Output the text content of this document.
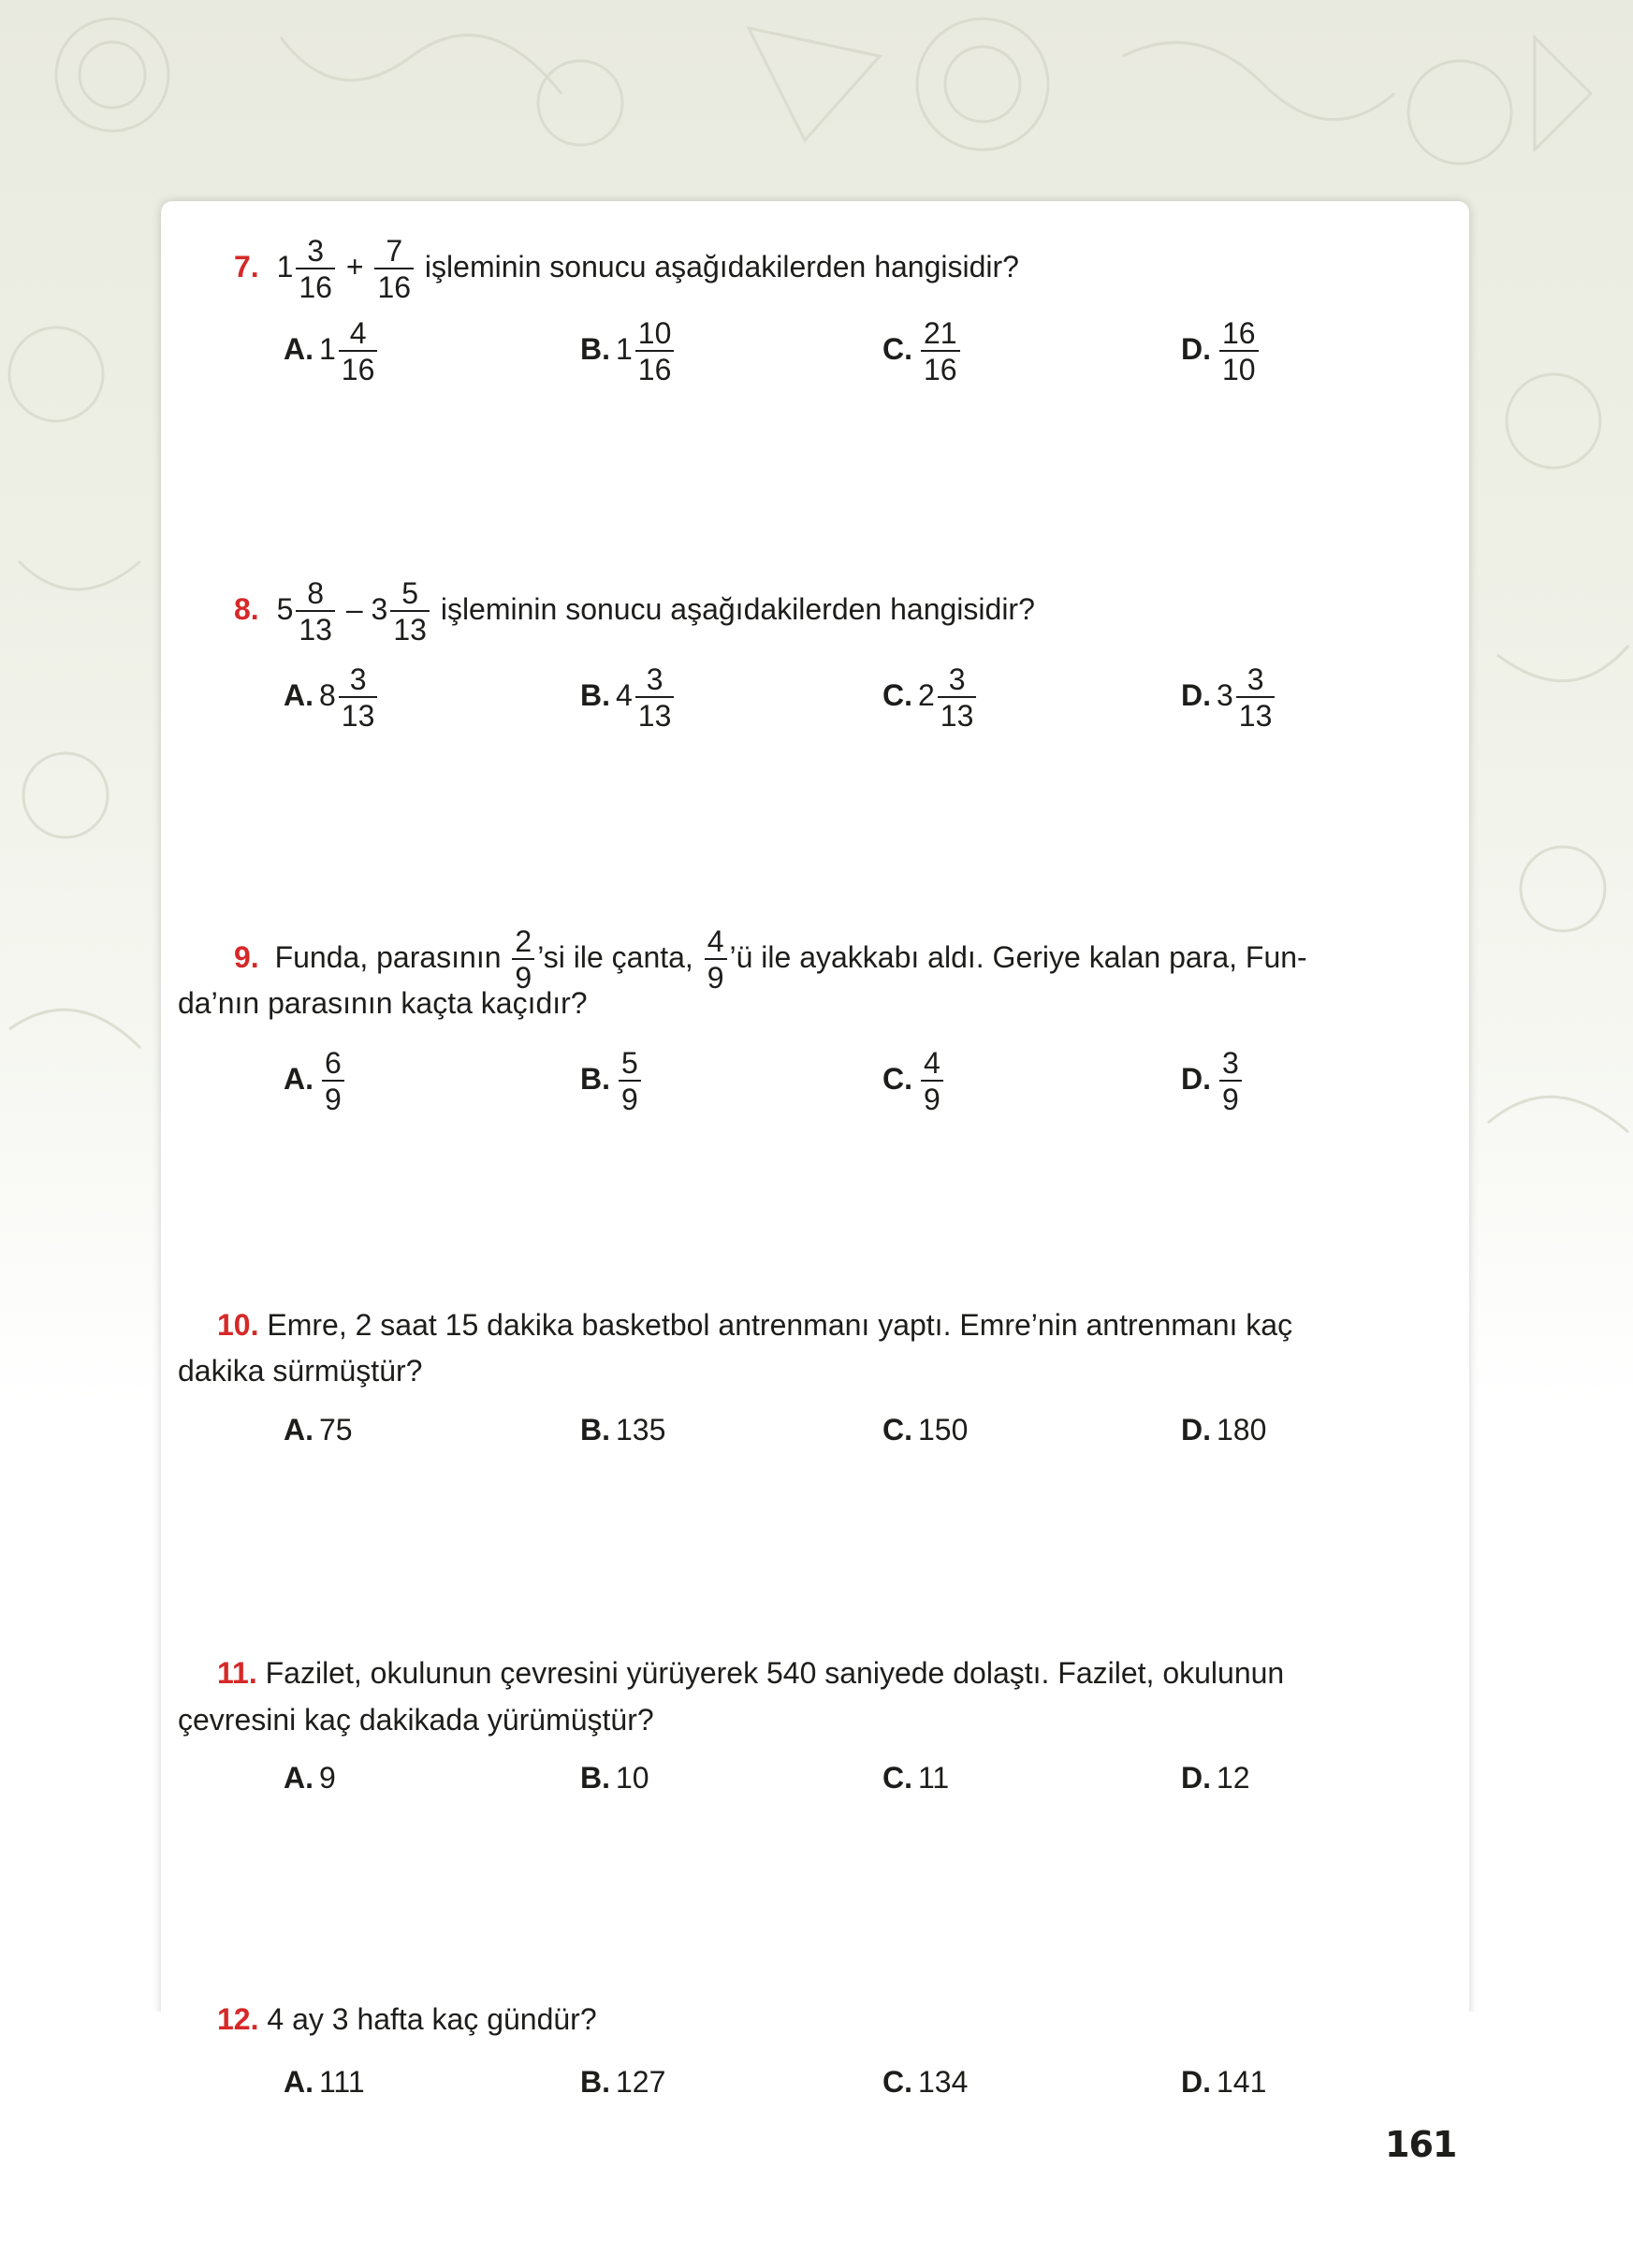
7. $1 \frac{3}{16} + \frac{7}{16}$ işleminin sonucu aşağıdakilerden hangisidir?
A. $1 \frac{4}{16}$	B. $1 \frac{10}{16}$	C. $\frac{21}{16}$	D. $\frac{16}{10}$
8. $5 \frac{8}{13} - 3 \frac{5}{13}$ işleminin sonucu aşağıdakilerden hangisidir?
A. $8 \frac{3}{13}$	B. $4 \frac{3}{13}$	C. $2 \frac{3}{13}$	D. $3 \frac{3}{13}$
9. Funda, parasının $\frac{2}{9}$ ’si ile çanta, $\frac{4}{9}$ ’ü ile ayakkabı aldı. Geriye kalan para, Fun-
da’nın parasının kaçta kaçıdır?
A. $\frac{6}{9}$	B. $\frac{5}{9}$	C. $\frac{4}{9}$	D. $\frac{3}{9}$
10. Emre, 2 saat 15 dakika basketbol antrenmanı yaptı. Emre’nin antrenmanı kaç
dakika sürmüştür?
A. 75	B. 135	C. 150	D. 180
11. Fazilet, okulunun çevresini yürüyerek 540 saniyede dolaştı. Fazilet, okulunun
çevresini kaç dakikada yürümüştür?
A. 9	B. 10	C. 11	D. 12
12. 4 ay 3 hafta kaç gündür?
A. 111	B. 127	C. 134	D. 141
161
